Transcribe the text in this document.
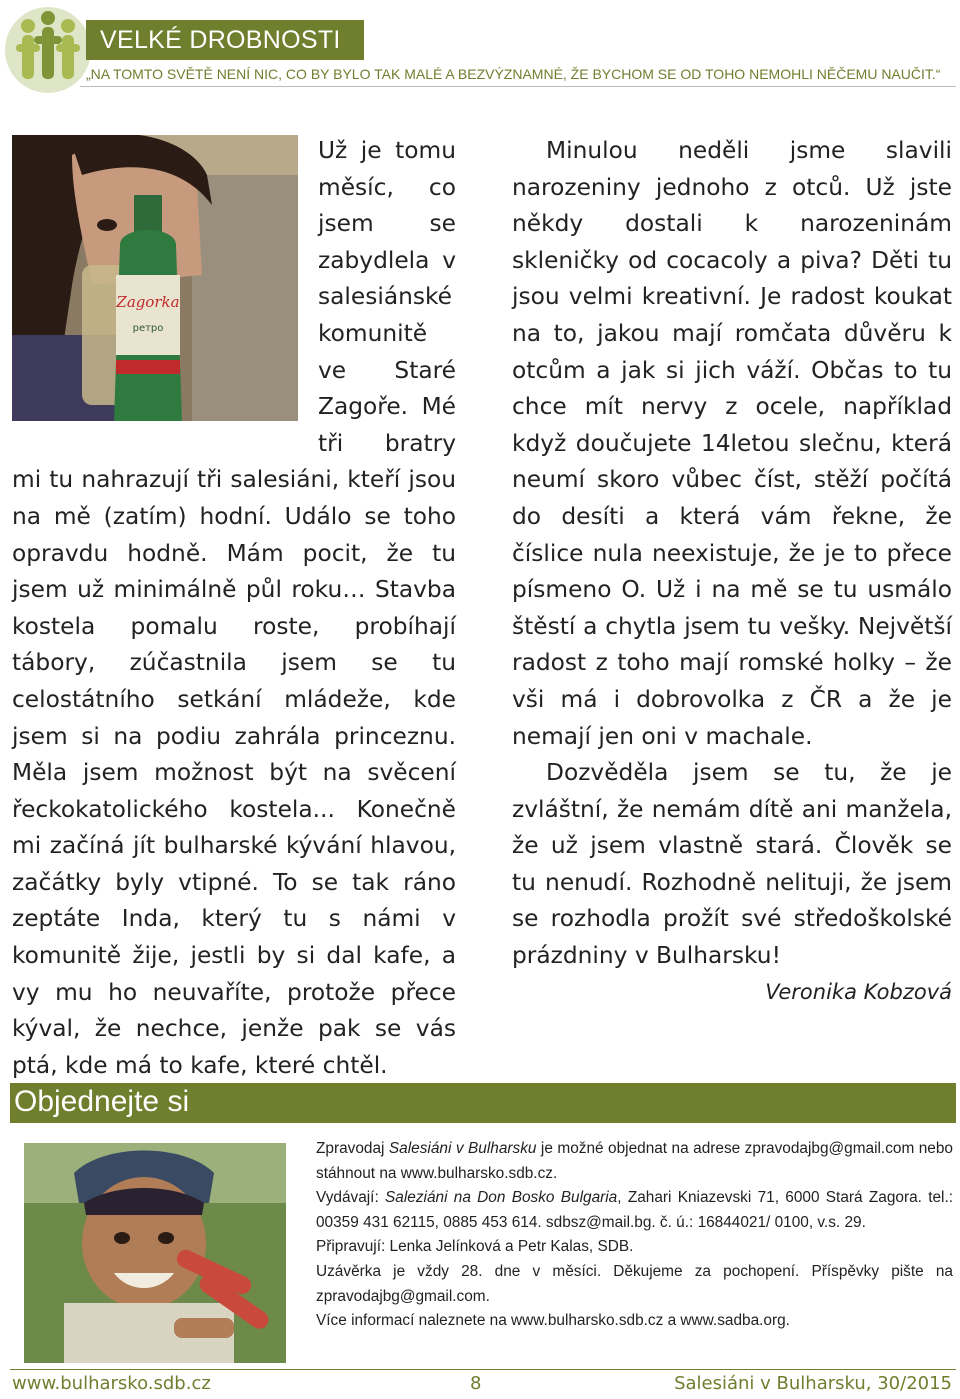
VELKÉ DROBNOSTI
„NA TOMTO SVĚTĚ NENÍ NIC, CO BY BYLO TAK MALÉ A BEZVÝZNAMNÉ, ŽE BYCHOM SE OD TOHO NEMOHLI NĚČEMU NAUČIT.“
Zagorka
ретро

Už je tomu měsíc, co jsem se zabydlela v salesiánské komunitě ve Staré Zagoře. Mé tři bratry mi tu nahrazují tři salesiáni, kteří jsou na mě (zatím) hodní. Událo se toho opravdu hodně. Mám pocit, že tu jsem už minimálně půl roku… Stavba kostela pomalu roste, probíhají tábory, zúčastnila jsem se tu celostátního setkání mládeže, kde jsem si na podiu zahrála princeznu. Měla jsem možnost být na svěcení řeckokatolického kostela... Konečně mi začíná jít bulharské kývání hlavou, začátky byly vtipné. To se tak ráno zeptáte Inda, který tu s námi v komunitě žije, jestli by si dal kafe, a vy mu ho neuvaříte, protože přece kýval, že nechce, jenže pak se vás ptá, kde má to kafe, které chtěl.

Minulou neděli jsme slavili narozeniny jednoho z otců. Už jste někdy dostali k narozeninám skleničky od cocacoly a piva? Děti tu jsou velmi kreativní. Je radost koukat na to, jakou mají romčata důvěru k otcům a jak si jich váží. Občas to tu chce mít nervy z ocele, například když doučujete 14letou slečnu, která neumí skoro vůbec číst, stěží počítá do desíti a která vám řekne, že číslice nula neexistuje, že je to přece písmeno O. Už i na mě se tu usmálo štěstí a chytla jsem tu vešky. Největší radost z toho mají romské holky – že vši má i dobrovolka z ČR a že je nemají jen oni v machale.

Dozvěděla jsem se tu, že je zvláštní, že nemám dítě ani manžela, že už jsem vlastně stará. Člověk se tu nenudí. Rozhodně nelituji, že jsem se rozhodla prožít své středoškolské prázdniny v Bulharsku!

Veronika Kobzová

Objednejte si

Zpravodaj Salesiáni v Bulharsku je možné objednat na adrese zpravodajbg@gmail.com nebo stáhnout na www.bulharsko.sdb.cz.

Vydávají: Saleziáni na Don Bosko Bulgaria, Zahari Kniazevski 71, 6000 Stará Zagora. tel.: 00359 431 62115, 0885 453 614. sdbsz@mail.bg. č. ú.: 16844021/ 0100, v.s. 29.

Připravují: Lenka Jelínková a Petr Kalas, SDB.

Uzávěrka je vždy 28. dne v měsíci. Děkujeme za pochopení. Příspěvky pište na zpravodajbg@gmail.com.

Více informací naleznete na www.bulharsko.sdb.cz a www.sadba.org.

www.bulharsko.sdb.cz	8	Salesiáni v Bulharsku, 30/2015
